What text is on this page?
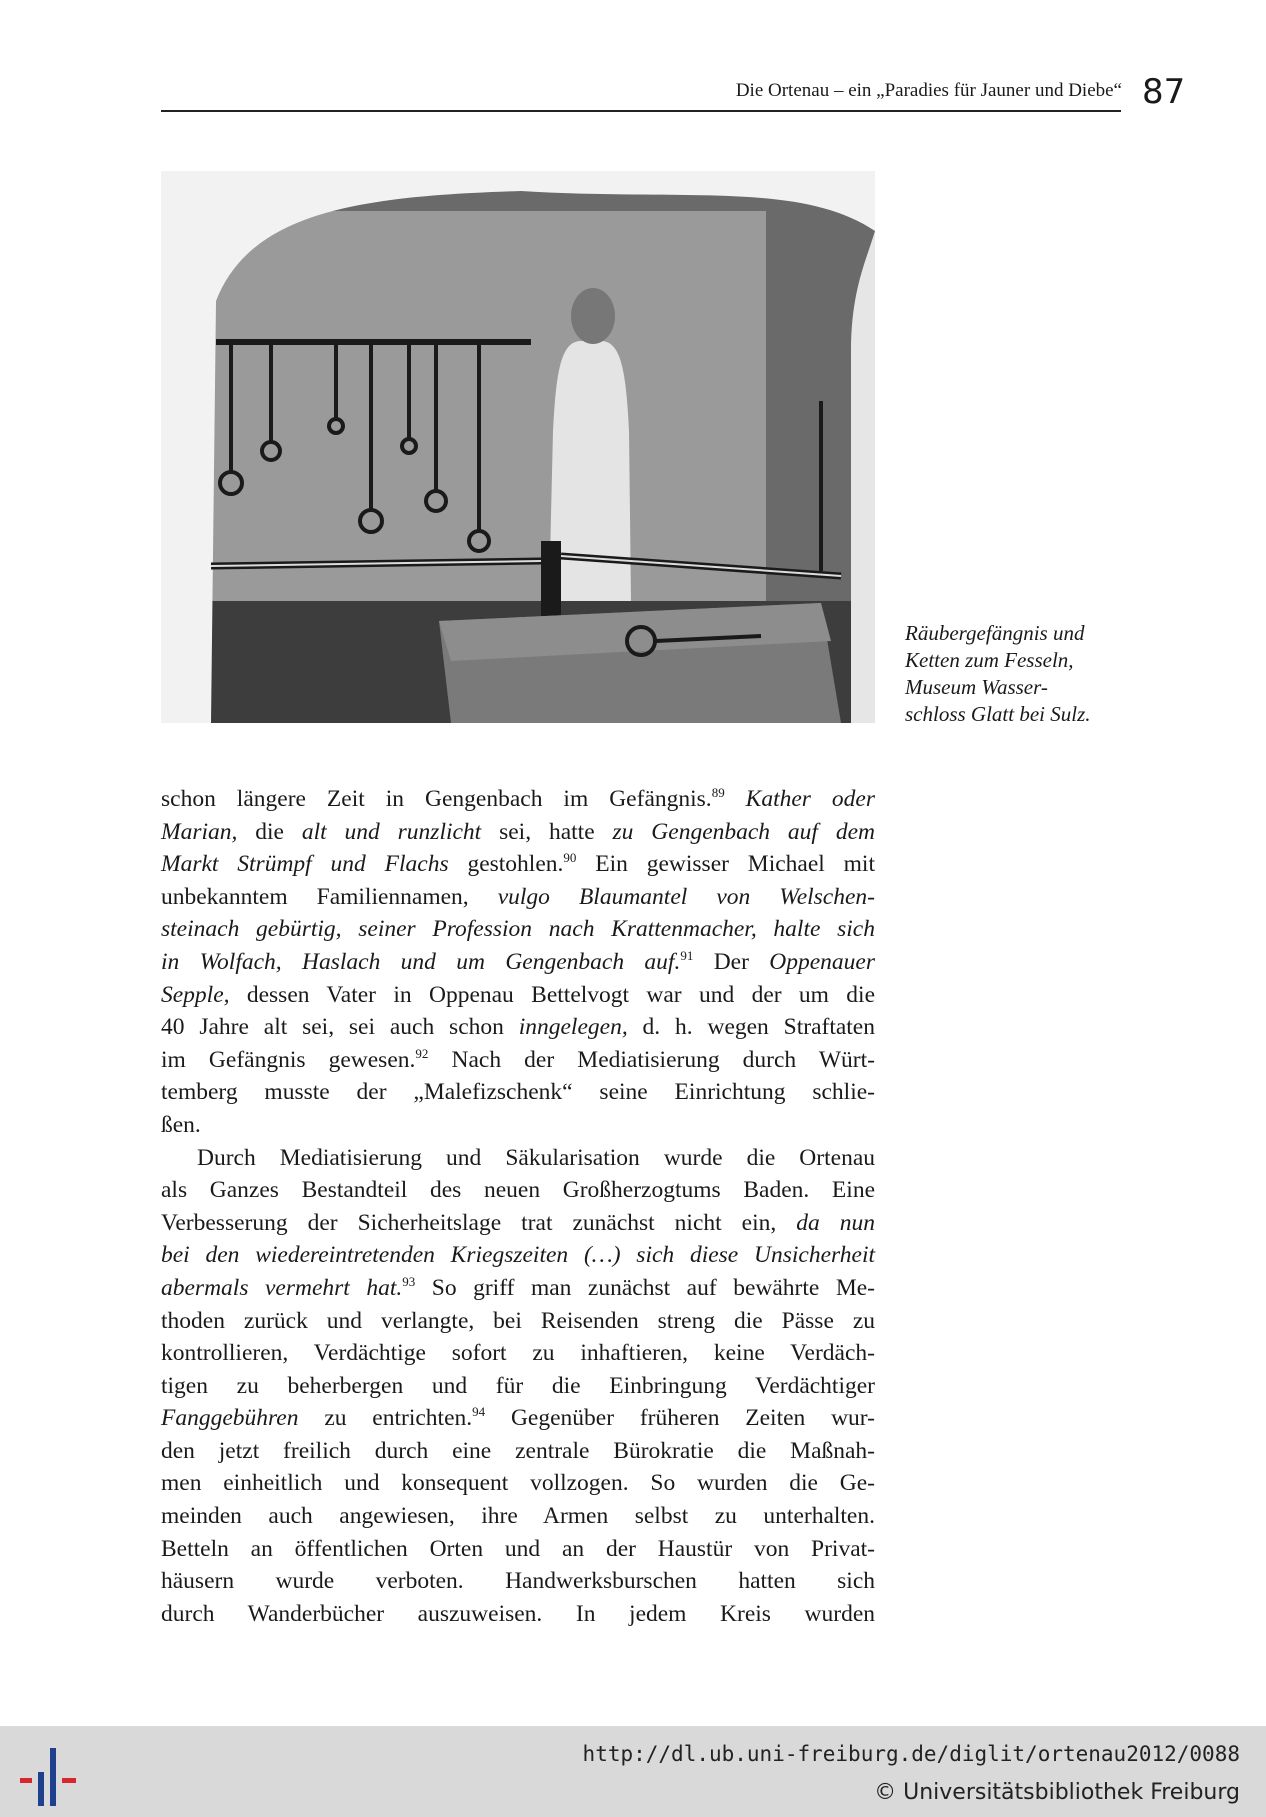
Die Ortenau – ein „Paradies für Jauner und Diebe“ 87
Räubergefängnis und
Ketten zum Fesseln,
Museum Wasser-
schloss Glatt bei Sulz.
schon längere Zeit in Gengenbach im Gefängnis.$^{89}$ Kather oder
Marian, die alt und runzlicht sei, hatte zu Gengenbach auf dem
Markt Strümpf und Flachs gestohlen.$^{90}$ Ein gewisser Michael mit
unbekanntem Familiennamen, vulgo Blaumantel von Welschen-
steinach gebürtig, seiner Profession nach Krattenmacher, halte sich
in Wolfach, Haslach und um Gengenbach auf.$^{91}$ Der Oppenauer
Sepple, dessen Vater in Oppenau Bettelvogt war und der um die
40 Jahre alt sei, sei auch schon inngelegen, d. h. wegen Straftaten
im Gefängnis gewesen.$^{92}$ Nach der Mediatisierung durch Würt-
temberg musste der „Malefizschenk“ seine Einrichtung schlie-
ßen.
Durch Mediatisierung und Säkularisation wurde die Ortenau
als Ganzes Bestandteil des neuen Großherzogtums Baden. Eine
Verbesserung der Sicherheitslage trat zunächst nicht ein, da nun
bei den wiedereintretenden Kriegszeiten (…) sich diese Unsicherheit
abermals vermehrt hat.$^{93}$ So griff man zunächst auf bewährte Me-
thoden zurück und verlangte, bei Reisenden streng die Pässe zu
kontrollieren, Verdächtige sofort zu inhaftieren, keine Verdäch-
tigen zu beherbergen und für die Einbringung Verdächtiger
Fanggebühren zu entrichten.$^{94}$ Gegenüber früheren Zeiten wur-
den jetzt freilich durch eine zentrale Bürokratie die Maßnah-
men einheitlich und konsequent vollzogen. So wurden die Ge-
meinden auch angewiesen, ihre Armen selbst zu unterhalten.
Betteln an öffentlichen Orten und an der Haustür von Privat-
häusern wurde verboten. Handwerksburschen hatten sich
durch Wanderbücher auszuweisen. In jedem Kreis wurden
http://dl.ub.uni-freiburg.de/diglit/ortenau2012/0088
© Universitätsbibliothek Freiburg
